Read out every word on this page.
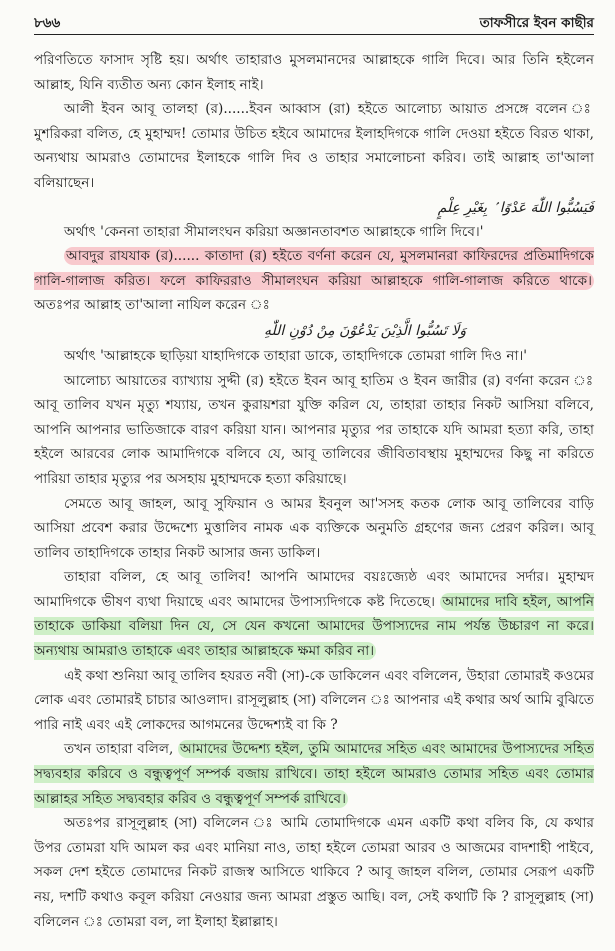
৮৬৬	তাফসীরে ইবন কাছীর

পরিণতিতে ফাসাদ সৃষ্টি হয়। অর্থাৎ তাহারাও মুসলমানদের আল্লাহকে গালি দিবে। আর তিনি হইলেন আল্লাহ, যিনি ব্যতীত অন্য কোন ইলাহ নাই।

আলী ইবন আবূ তালহা (র)......ইবন আব্বাস (রা) হইতে আলোচ্য আয়াত প্রসঙ্গে বলেন ঃ মুশরিকরা বলিত, হে মুহাম্মদ! তোমার উচিত হইবে আমাদের ইলাহদিগকে গালি দেওয়া হইতে বিরত থাকা, অন্যথায় আমরাও তোমাদের ইলাহকে গালি দিব ও তাহার সমালোচনা করিব। তাই আল্লাহ তা'আলা বলিয়াছেন।

فَيَسُبُّوا اللّٰهَ عَدْوًا ۢ بِغَيْرِ عِلْمٍ

অর্থাৎ 'কেননা তাহারা সীমালংঘন করিয়া অজ্ঞানতাবশত আল্লাহকে গালি দিবে।'

আবদুর রাযযাক (র)...... কাতাদা (র) হইতে বর্ণনা করেন যে, মুসলমানরা কাফিরদের প্রতিমাদিগকে গালি-গালাজ করিত। ফলে কাফিররাও সীমালংঘন করিয়া আল্লাহকে গালি-গালাজ করিতে থাকে। অতঃপর আল্লাহ তা'আলা নাযিল করেন ঃ

وَلَا تَسُبُّوا الَّذِيْنَ يَدْعُوْنَ مِنْ دُوْنِ اللّٰهِ

অর্থাৎ 'আল্লাহকে ছাড়িয়া যাহাদিগকে তাহারা ডাকে, তাহাদিগকে তোমরা গালি দিও না।'

আলোচ্য আয়াতের ব্যাখ্যায় সুদ্দী (র) হইতে ইবন আবূ হাতিম ও ইবন জারীর (র) বর্ণনা করেন ঃ আবূ তালিব যখন মৃত্যু শয্যায়, তখন কুরায়শরা যুক্তি করিল যে, তাহারা তাহার নিকট আসিয়া বলিবে, আপনি আপনার ভাতিজাকে বারণ করিয়া যান। আপনার মৃত্যুর পর তাহাকে যদি আমরা হত্যা করি, তাহা হইলে আরবের লোক আমাদিগকে বলিবে যে, আবূ তালিবের জীবিতাবস্থায় মুহাম্মদের কিছু না করিতে পারিয়া তাহার মৃত্যুর পর অসহায় মুহাম্মদকে হত্যা করিয়াছে।

সেমতে আবূ জাহল, আবূ সুফিয়ান ও আমর ইবনুল আ'সসহ কতক লোক আবূ তালিবের বাড়ি আসিয়া প্রবেশ করার উদ্দেশ্যে মুত্তালিব নামক এক ব্যক্তিকে অনুমতি গ্রহণের জন্য প্রেরণ করিল। আবূ তালিব তাহাদিগকে তাহার নিকট আসার জন্য ডাকিল।

তাহারা বলিল, হে আবূ তালিব! আপনি আমাদের বয়ঃজ্যেষ্ঠ এবং আমাদের সর্দার। মুহাম্মদ আমাদিগকে ভীষণ ব্যথা দিয়াছে এবং আমাদের উপাস্যদিগকে কষ্ট দিতেছে। আমাদের দাবি হইল, আপনি তাহাকে ডাকিয়া বলিয়া দিন যে, সে যেন কখনো আমাদের উপাস্যদের নাম পর্যন্ত উচ্চারণ না করে। অন্যথায় আমরাও তাহাকে এবং তাহার আল্লাহকে ক্ষমা করিব না।

এই কথা শুনিয়া আবূ তালিব হযরত নবী (সা)-কে ডাকিলেন এবং বলিলেন, উহারা তোমারই কওমের লোক এবং তোমারই চাচার আওলাদ। রাসূলুল্লাহ (সা) বলিলেন ঃ আপনার এই কথার অর্থ আমি বুঝিতে পারি নাই এবং এই লোকদের আগমনের উদ্দেশ্যই বা কি ?

তখন তাহারা বলিল, আমাদের উদ্দেশ্য হইল, তুমি আমাদের সহিত এবং আমাদের উপাস্যদের সহিত সদ্ব্যবহার করিবে ও বন্ধুত্বপূর্ণ সম্পর্ক বজায় রাখিবে। তাহা হইলে আমরাও তোমার সহিত এবং তোমার আল্লাহর সহিত সদ্ব্যবহার করিব ও বন্ধুত্বপূর্ণ সম্পর্ক রাখিবে।

অতঃপর রাসূলুল্লাহ (সা) বলিলেন ঃ আমি তোমাদিগকে এমন একটি কথা বলিব কি, যে কথার উপর তোমরা যদি আমল কর এবং মানিয়া নাও, তাহা হইলে তোমরা আরব ও আজমের বাদশাহী পাইবে, সকল দেশ হইতে তোমাদের নিকট রাজস্ব আসিতে থাকিবে ? আবূ জাহল বলিল, তোমার সেরূপ একটি নয়, দশটি কথাও কবূল করিয়া নেওয়ার জন্য আমরা প্রস্তুত আছি। বল, সেই কথাটি কি ? রাসূলুল্লাহ (সা) বলিলেন ঃ তোমরা বল, লা ইলাহা ইল্লাল্লাহ।
